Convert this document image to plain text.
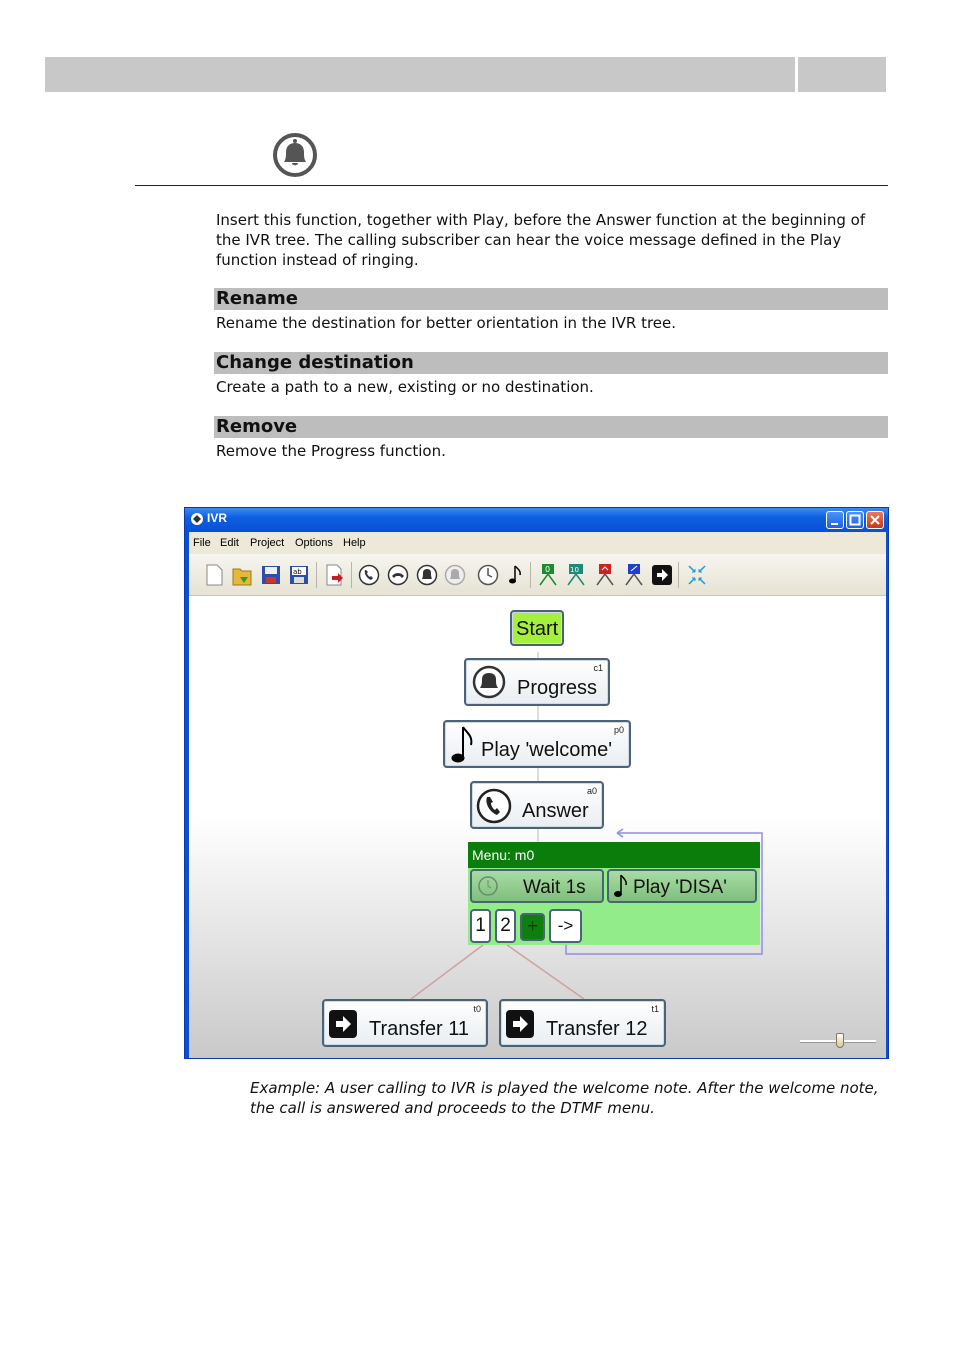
Insert this function, together with Play, before the Answer function at the beginning of the IVR tree. The calling subscriber can hear the voice message defined in the Play function instead of ringing.

Rename

Rename the destination for better orientation in the IVR tree.

Change destination

Create a path to a new, existing or no destination.

Remove

Remove the Progress function.

IVR
File Edit Project Options Help
ab	0	10
Start
Progress
c1
Play 'welcome'
p0
Answer
a0
Menu: m0
Wait 1s Play 'DISA'
1 2 +	->
Transfer 11
t0
Transfer 12
t1

Example: A user calling to IVR is played the welcome note. After the welcome note, the call is answered and proceeds to the DTMF menu.
